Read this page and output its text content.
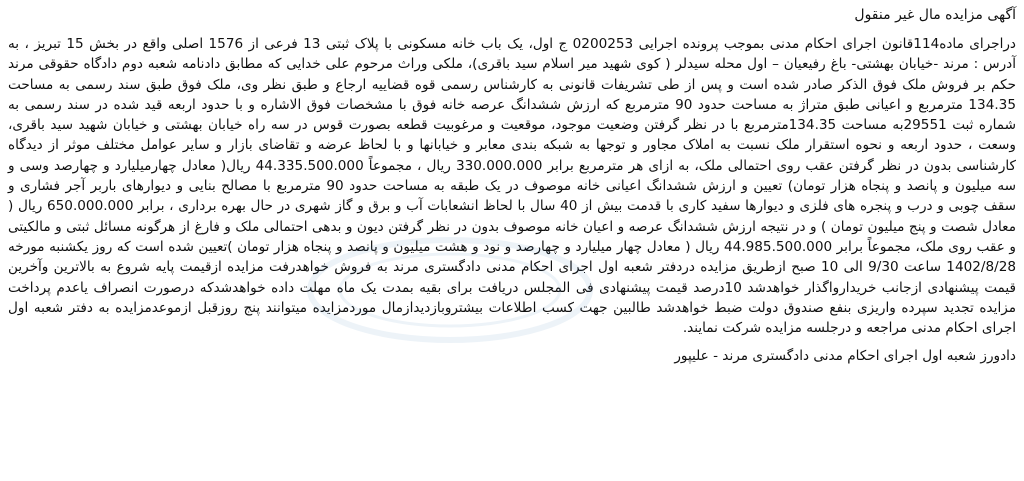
آگهی مزایده مال غیر منقول

دراجرای ماده114قانون اجرای احکام مدنی بموجب پرونده اجرایی 0200253 ج اول، یک باب خانه مسکونی با پلاک ثبتی 13 فرعی از 1576 اصلی واقع در بخش 15 تبریز ، به آدرس : مرند -خیابان بهشتی- باغ رفیعیان – اول محله سیدلر ( کوی شهید میر اسلام سید باقری)، ملکی وراث مرحوم علی خدایی که مطابق دادنامه شعبه دوم دادگاه حقوقی مرند حکم بر فروش ملک فوق الذکر صادر شده است و پس از طی تشریفات قانونی به کارشناس رسمی قوه قضاییه ارجاع و طبق نظر وی، ملک فوق طبق سند رسمی به مساحت 134.35 مترمربع و اعیانی طبق متراژ به مساحت حدود 90 مترمربع که ارزش ششدانگ عرصه خانه فوق با مشخصات فوق الاشاره و با حدود اربعه قید شده در سند رسمی به شماره ثبت 29551به مساحت 134.35مترمربع با در نظر گرفتن وضعیت موجود، موقعیت و مرغوبیت قطعه بصورت قوس در سه راه خیابان بهشتی و خیابان شهید سید باقری، وسعت ، حدود اربعه و نحوه استقرار ملک نسبت به املاک مجاور و توجها به شبکه بندی معابر و خیابانها و با لحاظ عرضه و تقاضای بازار و سایر عوامل مختلف موثر از دیدگاه کارشناسی بدون در نظر گرفتن عقب روی احتمالی ملک، به ازای هر مترمربع برابر 330.000.000 ریال ، مجموعاً 44.335.500.000 ریال( معادل چهارمیلیارد و چهارصد وسی و سه میلیون و پانصد و پنجاه هزار تومان) تعیین و ارزش ششدانگ اعیانی خانه موصوف در یک طبقه به مساحت حدود 90 مترمربع با مصالح بنایی و دیوارهای باربر آجر فشاری و سقف چوبی و درب و پنجره های فلزی و دیوارها سفید کاری با قدمت بیش از 40 سال با لحاظ انشعابات آب و برق و گاز شهری در حال بهره برداری ، برابر 650.000.000 ریال ( معادل شصت و پنج میلیون تومان ) و در نتیجه ارزش ششدانگ عرصه و اعیان خانه موصوف بدون در نظر گرفتن دیون و بدهی احتمالی ملک و فارغ از هرگونه مسائل ثبتی و مالکیتی و عقب روی ملک، مجموعاً برابر 44.985.500.000 ریال ( معادل چهار میلیارد و چهارصد و نود و هشت میلیون و پانصد و پنجاه هزار تومان )تعیین شده است که روز یکشنبه مورخه 1402/8/28 ساعت 9/30 الی 10 صبح ازطریق مزایده دردفتر شعبه اول اجرای احکام مدنی دادگستری مرند به فروش خواهدرفت مزایده ازقیمت پایه شروع به بالاترین وآخرین قیمت پیشنهادی ازجانب خریدارواگذار خواهدشد 10درصد قیمت پیشنهادی فی المجلس دریافت برای بقیه بمدت یک ماه مهلت داده خواهدشدکه درصورت انصراف یاعدم پرداخت مزایده تجدید سپرده واریزی بنفع صندوق دولت ضبط خواهدشد طالبین جهت کسب اطلاعات بیشتروبازدیدازمال موردمزایده میتوانند پنج روزقبل ازموعدمزایده به دفتر شعبه اول اجرای احکام مدنی مراجعه و درجلسه مزایده شرکت نمایند.

دادورز شعبه اول اجرای احکام مدنی دادگستری مرند - علیپور
